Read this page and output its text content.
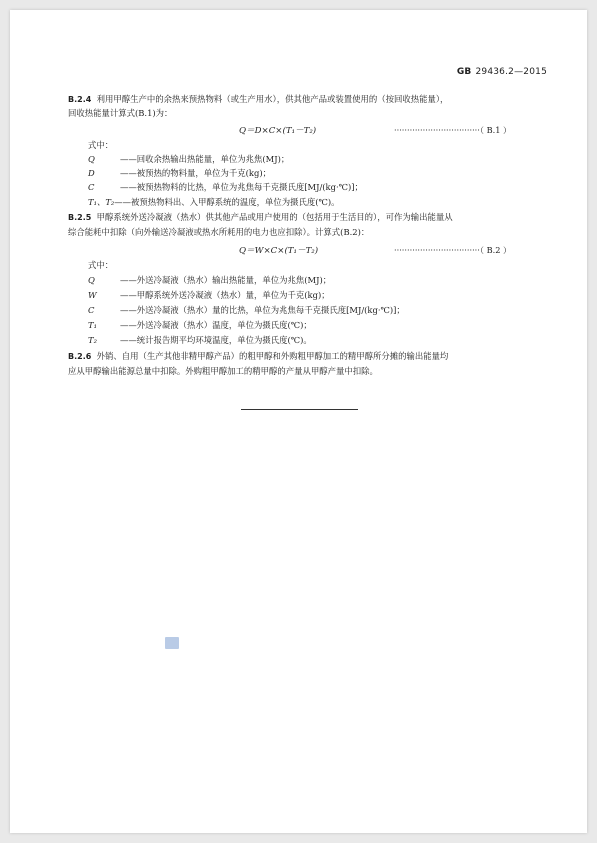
GB 29436.2—2015
B.2.4 利用甲醇生产中的余热来预热物料（或生产用水），供其他产品或装置使用的（按回收热能量），
回收热能量计算式(B.1)为：
Q＝D×C×(T₁－T₂)	·································（ B.1 ）
式中：
Q	——回收余热输出热能量，单位为兆焦(MJ)；
D	——被预热的物料量，单位为千克(kg)；
C	——被预热物料的比热，单位为兆焦每千克摄氏度[MJ/(kg·℃)]；
T₁、T₂——被预热物料出、入甲醇系统的温度，单位为摄氏度(℃)。
B.2.5 甲醇系统外送冷凝液（热水）供其他产品或用户使用的（包括用于生活目的），可作为输出能量从
综合能耗中扣除（向外输送冷凝液或热水所耗用的电力也应扣除）。计算式(B.2)：
Q＝W×C×(T₁－T₂)	·································（ B.2 ）
式中：
Q	——外送冷凝液（热水）输出热能量，单位为兆焦(MJ)；
W	——甲醇系统外送冷凝液（热水）量，单位为千克(kg)；
C	——外送冷凝液（热水）量的比热，单位为兆焦每千克摄氏度[MJ/(kg·℃)]；
T₁	——外送冷凝液（热水）温度，单位为摄氏度(℃)；
T₂	——统计报告期平均环境温度，单位为摄氏度(℃)。
B.2.6 外销、自用（生产其他非精甲醇产品）的粗甲醇和外购粗甲醇加工的精甲醇所分摊的输出能量均
应从甲醇输出能源总量中扣除。外购粗甲醇加工的精甲醇的产量从甲醇产量中扣除。
